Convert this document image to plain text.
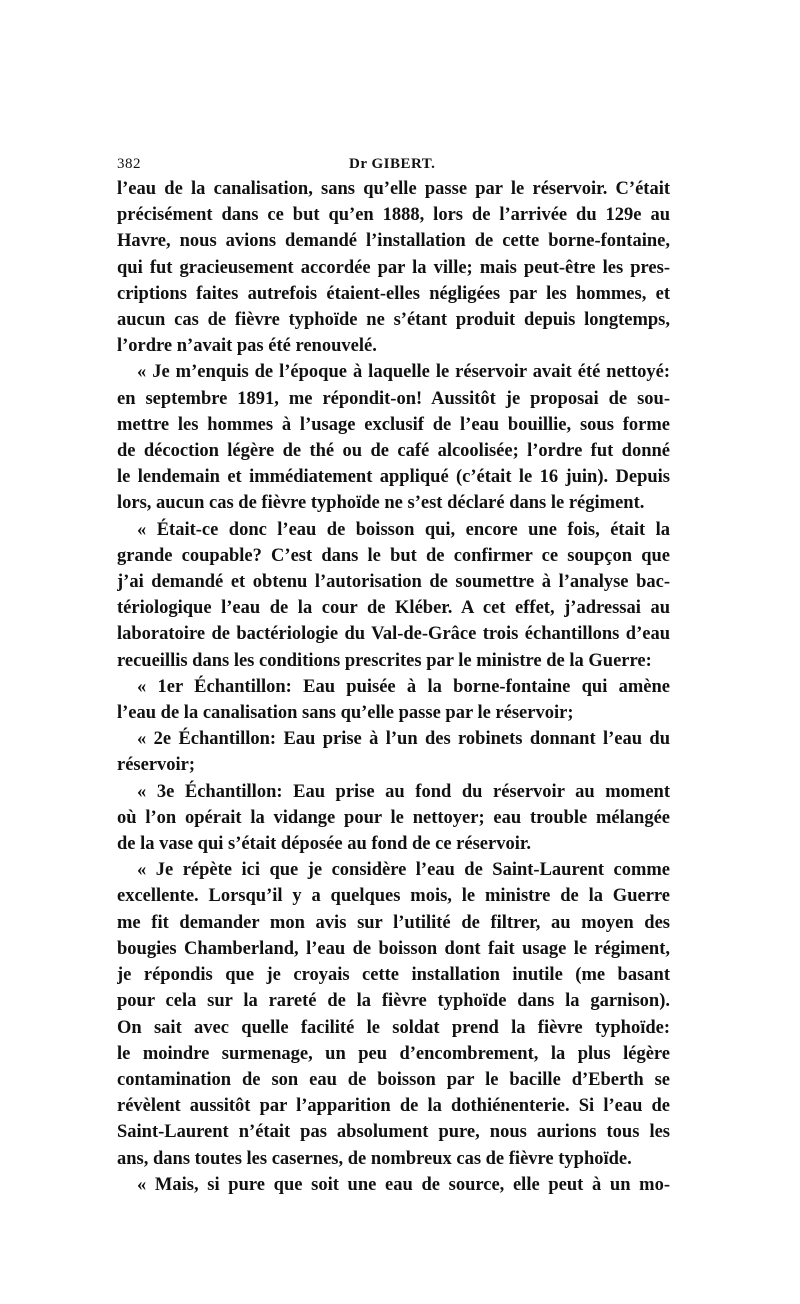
382	Dr GIBERT.
l’eau de la canalisation, sans qu’elle passe par le réservoir. C’était
précisément dans ce but qu’en 1888, lors de l’arrivée du 129e au
Havre, nous avions demandé l’installation de cette borne-fontaine,
qui fut gracieusement accordée par la ville; mais peut-être les pres-
criptions faites autrefois étaient-elles négligées par les hommes, et
aucun cas de fièvre typhoïde ne s’étant produit depuis longtemps,
l’ordre n’avait pas été renouvelé.
« Je m’enquis de l’époque à laquelle le réservoir avait été nettoyé:
en septembre 1891, me répondit-on! Aussitôt je proposai de sou-
mettre les hommes à l’usage exclusif de l’eau bouillie, sous forme
de décoction légère de thé ou de café alcoolisée; l’ordre fut donné
le lendemain et immédiatement appliqué (c’était le 16 juin). Depuis
lors, aucun cas de fièvre typhoïde ne s’est déclaré dans le régiment.
« Était-ce donc l’eau de boisson qui, encore une fois, était la
grande coupable? C’est dans le but de confirmer ce soupçon que
j’ai demandé et obtenu l’autorisation de soumettre à l’analyse bac-
tériologique l’eau de la cour de Kléber. A cet effet, j’adressai au
laboratoire de bactériologie du Val-de-Grâce trois échantillons d’eau
recueillis dans les conditions prescrites par le ministre de la Guerre:
« 1er Échantillon: Eau puisée à la borne-fontaine qui amène
l’eau de la canalisation sans qu’elle passe par le réservoir;
« 2e Échantillon: Eau prise à l’un des robinets donnant l’eau du
réservoir;
« 3e Échantillon: Eau prise au fond du réservoir au moment
où l’on opérait la vidange pour le nettoyer; eau trouble mélangée
de la vase qui s’était déposée au fond de ce réservoir.
« Je répète ici que je considère l’eau de Saint-Laurent comme
excellente. Lorsqu’il y a quelques mois, le ministre de la Guerre
me fit demander mon avis sur l’utilité de filtrer, au moyen des
bougies Chamberland, l’eau de boisson dont fait usage le régiment,
je répondis que je croyais cette installation inutile (me basant
pour cela sur la rareté de la fièvre typhoïde dans la garnison).
On sait avec quelle facilité le soldat prend la fièvre typhoïde:
le moindre surmenage, un peu d’encombrement, la plus légère
contamination de son eau de boisson par le bacille d’Eberth se
révèlent aussitôt par l’apparition de la dothiénenterie. Si l’eau de
Saint-Laurent n’était pas absolument pure, nous aurions tous les
ans, dans toutes les casernes, de nombreux cas de fièvre typhoïde.
« Mais, si pure que soit une eau de source, elle peut à un mo-
